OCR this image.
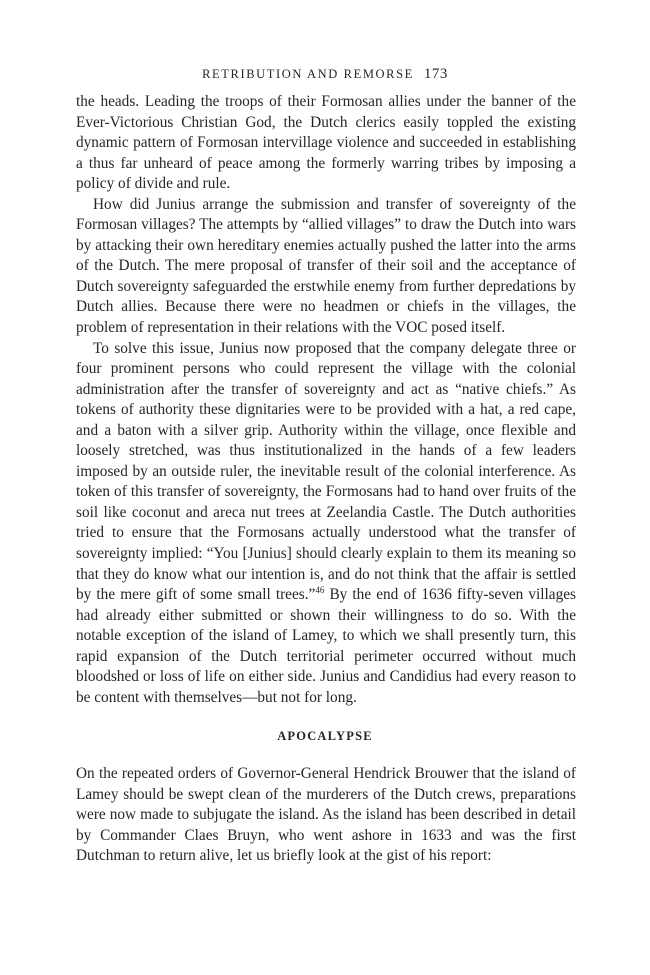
RETRIBUTION AND REMORSE 173

the heads. Leading the troops of their Formosan allies under the banner of the Ever-Victorious Christian God, the Dutch clerics easily toppled the existing dynamic pattern of Formosan intervillage violence and succeeded in establishing a thus far unheard of peace among the formerly warring tribes by imposing a policy of divide and rule.

How did Junius arrange the submission and transfer of sovereignty of the Formosan villages? The attempts by “allied villages” to draw the Dutch into wars by attacking their own hereditary enemies actually pushed the latter into the arms of the Dutch. The mere proposal of transfer of their soil and the acceptance of Dutch sovereignty safeguarded the erstwhile enemy from further depredations by Dutch allies. Because there were no headmen or chiefs in the villages, the problem of representation in their relations with the VOC posed itself.

To solve this issue, Junius now proposed that the company delegate three or four prominent persons who could represent the village with the colonial administration after the transfer of sovereignty and act as “native chiefs.” As tokens of authority these dignitaries were to be provided with a hat, a red cape, and a baton with a silver grip. Authority within the village, once flexible and loosely stretched, was thus institutionalized in the hands of a few leaders imposed by an outside ruler, the inevitable result of the colonial interference. As token of this transfer of sovereignty, the Formosans had to hand over fruits of the soil like coconut and areca nut trees at Zeelandia Castle. The Dutch authorities tried to ensure that the Formosans actually understood what the transfer of sovereignty implied: “You [Junius] should clearly explain to them its meaning so that they do know what our intention is, and do not think that the affair is settled by the mere gift of some small trees.”$^{46}$ By the end of 1636 fifty-seven villages had already either submitted or shown their willingness to do so. With the notable exception of the island of Lamey, to which we shall presently turn, this rapid expansion of the Dutch territorial perimeter occurred without much bloodshed or loss of life on either side. Junius and Candidius had every reason to be content with themselves—but not for long.

APOCALYPSE

On the repeated orders of Governor-General Hendrick Brouwer that the island of Lamey should be swept clean of the murderers of the Dutch crews, preparations were now made to subjugate the island. As the island has been described in detail by Commander Claes Bruyn, who went ashore in 1633 and was the first Dutchman to return alive, let us briefly look at the gist of his report:
